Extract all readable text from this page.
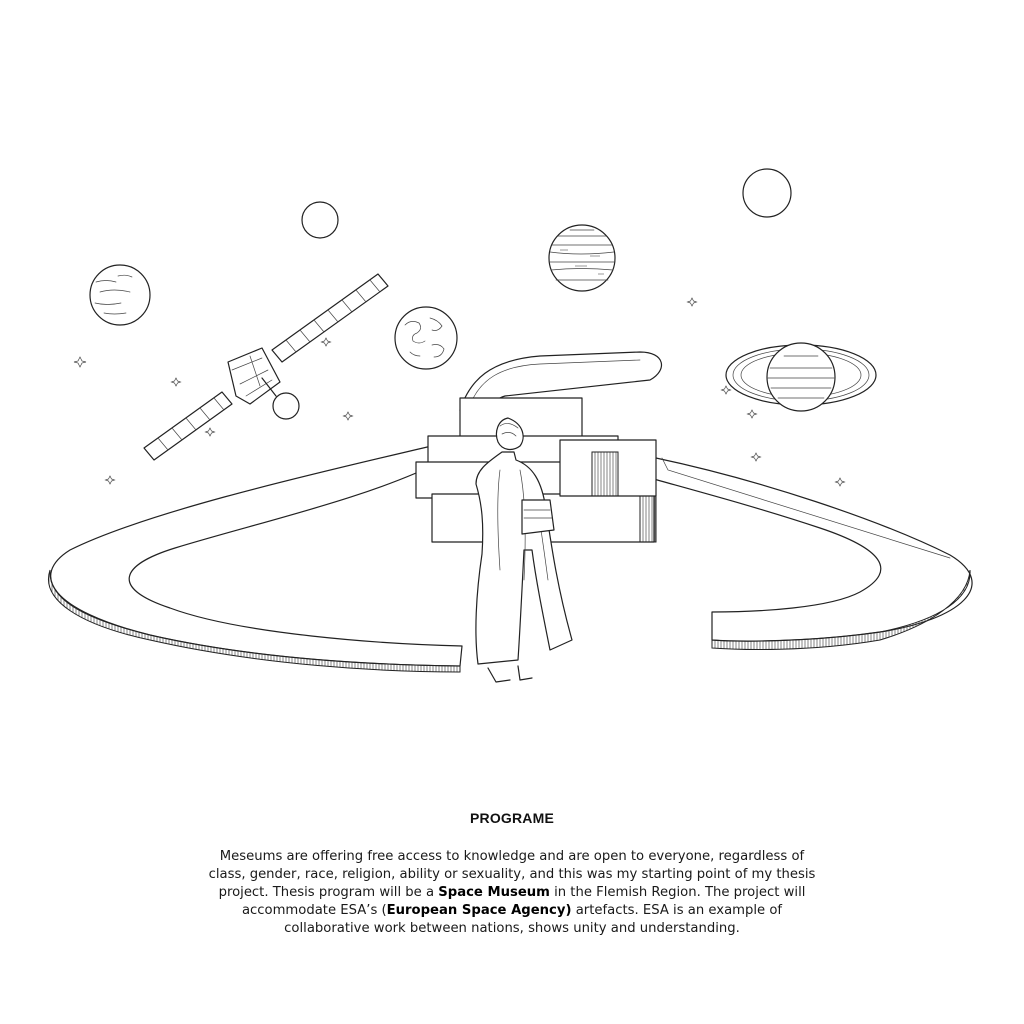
PROGRAME

Meseums are offering free access to knowledge and are open to everyone, regardless of class, gender, race, religion, ability or sexuality, and this was my starting point of my thesis project. Thesis program will be a Space Museum in the Flemish Region. The project will accommodate ESA’s (European Space Agency) artefacts. ESA is an example of collaborative work between nations, shows unity and understanding.
